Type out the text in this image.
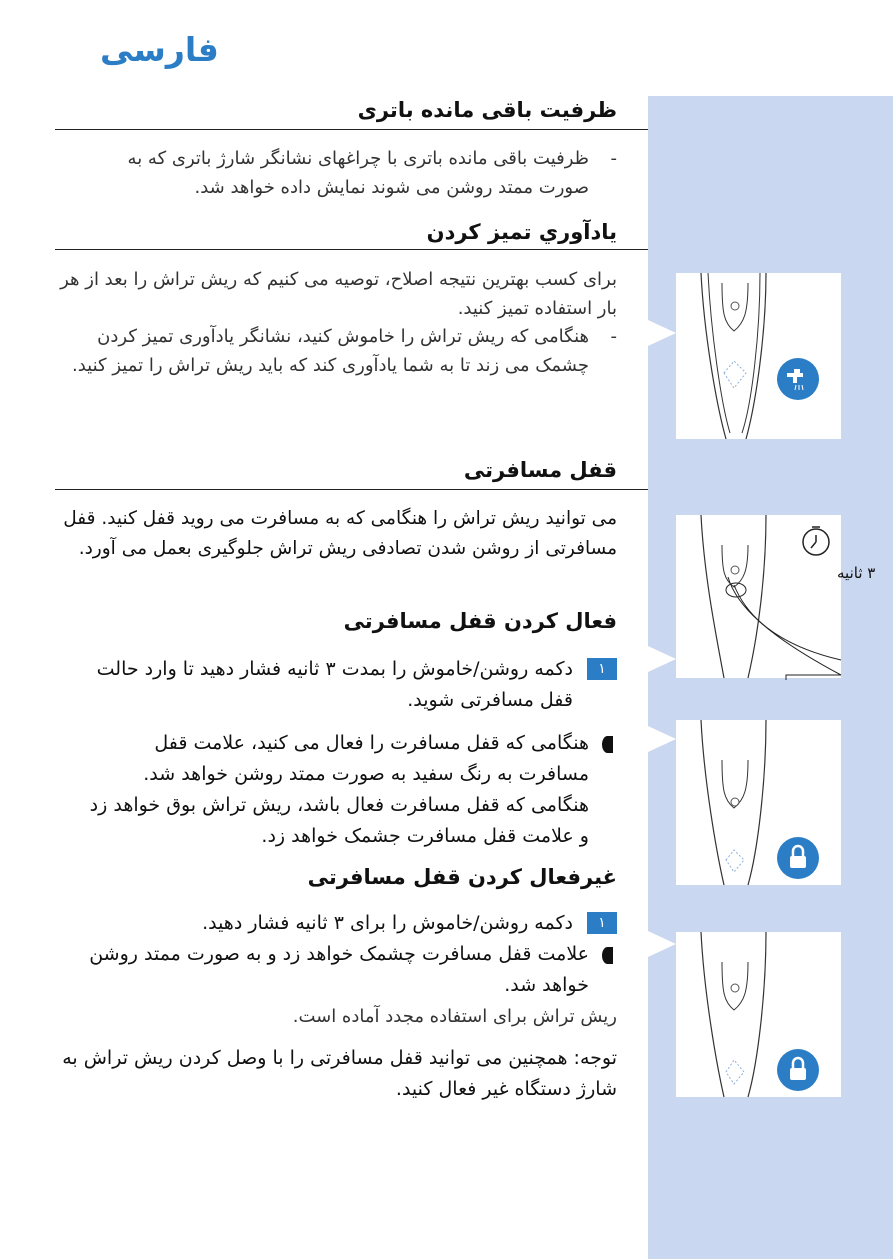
فارسی
ظرفیت باقی مانده باتری
-
ظرفیت باقی مانده باتری با چراغهای نشانگر شارژ باتری که به صورت ممتد روشن می شوند نمایش داده خواهد شد.
يادآوري تميز كردن
برای کسب بهترین نتیجه اصلاح، توصیه می کنیم که ریش تراش را بعد از هر بار استفاده تمیز کنید.
-
هنگامی که ریش تراش را خاموش کنید، نشانگر یادآوری تمیز کردن چشمک می زند تا به شما یادآوری کند که باید ریش تراش را تمیز کنید.
قفل مسافرتی
می توانید ریش تراش را هنگامی که به مسافرت می روید قفل کنید. قفل مسافرتی از روشن شدن تصادفی ریش تراش جلوگیری بعمل می آورد.
فعال کردن قفل مسافرتی
۱
دکمه روشن/خاموش را بمدت ۳ ثانیه فشار دهید تا وارد حالت قفل مسافرتی شوید.
هنگامی که قفل مسافرت را فعال می کنید، علامت قفل مسافرت به رنگ سفید به صورت ممتد روشن خواهد شد. هنگامی که قفل مسافرت فعال باشد، ریش تراش بوق خواهد زد و علامت قفل مسافرت جشمک خواهد زد.
غیرفعال کردن قفل مسافرتی
۱
دکمه روشن/خاموش را برای ۳ ثانیه فشار دهید.
علامت قفل مسافرت چشمک خواهد زد و به صورت ممتد روشن خواهد شد.
ریش تراش برای استفاده مجدد آماده است.
توجه: همچنین می توانید قفل مسافرتی را با وصل کردن ریش تراش به شارژ دستگاه غیر فعال کنید.
۳ ثانیه
